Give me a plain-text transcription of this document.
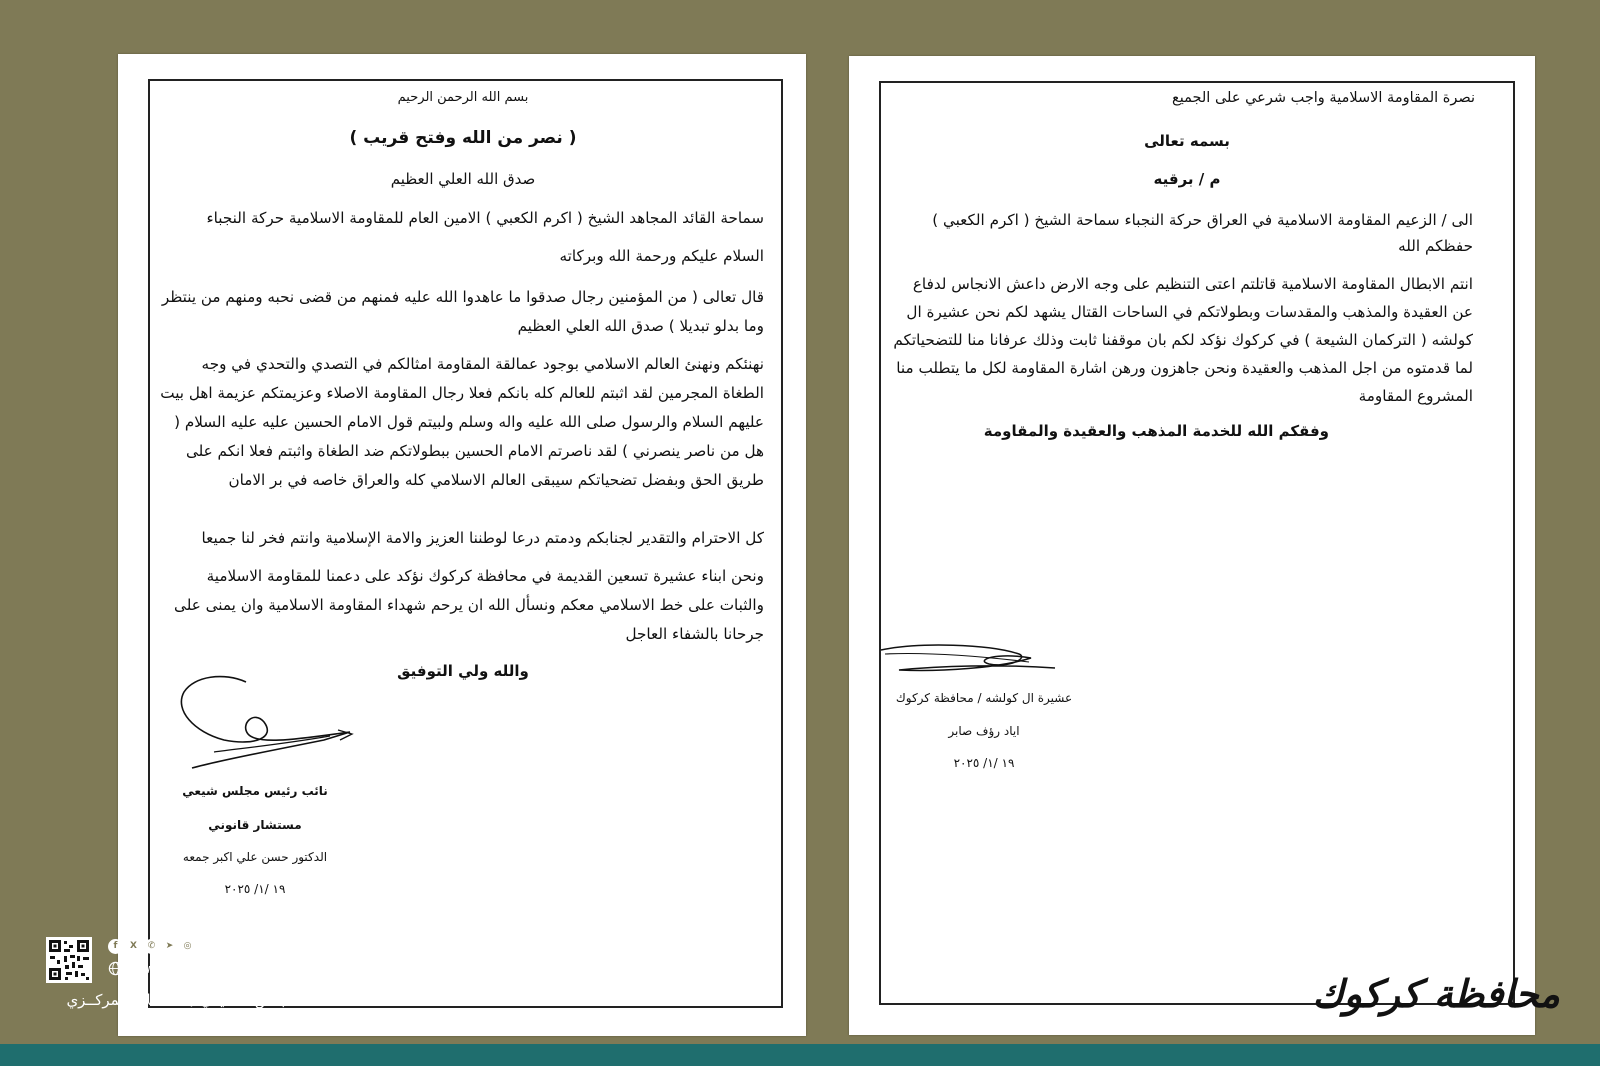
بسم الله الرحمن الرحيم
( نصر من الله وفتح قريب )
صدق الله العلي العظيم
سماحة القائد المجاهد الشيخ ( اكرم الكعبي ) الامين العام للمقاومة الاسلامية حركة النجباء
السلام عليكم ورحمة الله وبركاته
قال تعالى ( من المؤمنين رجال صدقوا ما عاهدوا الله عليه فمنهم من قضى نحبه ومنهم من ينتظر وما بدلو تبديلا ) صدق الله العلي العظيم
نهنئكم ونهنئ العالم الاسلامي بوجود عمالقة المقاومة امثالكم في التصدي والتحدي في وجه الطغاة المجرمين لقد اثبتم للعالم كله بانكم فعلا رجال المقاومة الاصلاء وعزيمتكم عزيمة اهل بيت عليهم السلام والرسول صلى الله عليه واله وسلم ولبيتم قول الامام الحسين عليه عليه السلام ( هل من ناصر ينصرني ) لقد ناصرتم الامام الحسين ببطولاتكم ضد الطغاة واثبتم فعلا انكم على طريق الحق وبفضل تضحياتكم سيبقى العالم الاسلامي كله والعراق خاصه في بر الامان
كل الاحترام والتقدير لجنابكم ودمتم درعا لوطننا العزيز والامة الإسلامية وانتم فخر لنا جميعا
ونحن ابناء عشيرة تسعين القديمة في محافظة كركوك نؤكد على دعمنا للمقاومة الاسلامية والثبات على خط الاسلامي معكم ونسأل الله ان يرحم شهداء المقاومة الاسلامية وان يمنى على جرحانا بالشفاء العاجل
والله ولي التوفيق
نائب رئيس مجلس شيعي
مستشار قانوني
الدكتور حسن علي اكبر جمعه
١٩ /١/ ٢٠٢٥
نصرة المقاومة الاسلامية واجب شرعي على الجميع
بسمه تعالى
م / برقيه
الى / الزعيم المقاومة الاسلامية في العراق حركة النجباء سماحة الشيخ ( اكرم الكعبي )
حفظكم الله
انتم الابطال المقاومة الاسلامية قاتلتم اعتى التنظيم على وجه الارض داعش الانجاس لدفاع عن العقيدة والمذهب والمقدسات وبطولاتكم في الساحات القتال يشهد لكم نحن عشيرة ال كولشه ( التركمان الشيعة ) في كركوك نؤكد لكم بان موقفنا ثابت وذلك عرفانا منا للتضحياتكم لما قدمتوه من اجل المذهب والعقيدة ونحن جاهزون ورهن اشارة المقاومة لكل ما يتطلب منا المشروع المقاومة
وفقكم الله للخدمة المذهب والعقيدة والمقاومة
عشيرة ال كولشه / محافظة كركوك
اياد رؤف صابر
١٩ /١/ ٢٠٢٥
f	X	✆	➤	◎ @TANFITHY
www.tanfithy.com
المجلس التنفيذي / الاعـــلام المركــزي	محافظة كركوك
